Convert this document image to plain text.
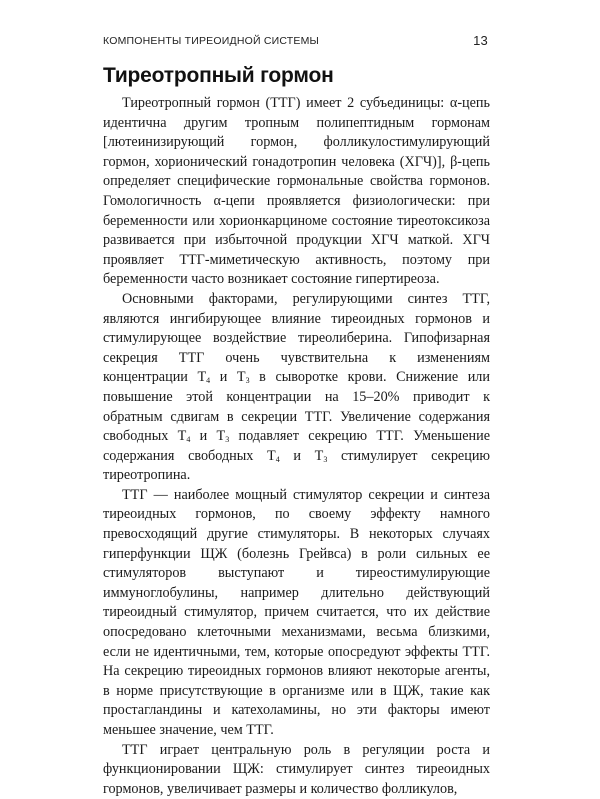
КОМПОНЕНТЫ ТИРЕОИДНОЙ СИСТЕМЫ	13
Тиреотропный гормон

Тиреотропный гормон (ТТГ) имеет 2 субъединицы: α-цепь идентична другим тропным полипептидным гормонам [лютеинизирующий гормон, фолликулостимулирующий гормон, хорионический гонадотропин человека (ХГЧ)], β-цепь определяет специфические гормональные свойства гормонов. Гомологичность α-цепи проявляется физиологически: при беременности или хорионкарциноме состояние тиреотоксикоза развивается при избыточной продукции ХГЧ маткой. ХГЧ проявляет ТТГ-миметическую активность, поэтому при беременности часто возникает состояние гипертиреоза.

Основными факторами, регулирующими синтез ТТГ, являются ингибирующее влияние тиреоидных гормонов и стимулирующее воздействие тиреолиберина. Гипофизарная секреция ТТГ очень чувствительна к изменениям концентрации $Т_4$ и $Т_3$ в сыворотке крови. Снижение или повышение этой концентрации на 15–20% приводит к обратным сдвигам в секреции ТТГ. Увеличение содержания свободных $Т_4$ и $Т_3$ подавляет секрецию ТТГ. Уменьшение содержания свободных $Т_4$ и $Т_3$ стимулирует секрецию тиреотропина.

ТТГ — наиболее мощный стимулятор секреции и синтеза тиреоидных гормонов, по своему эффекту намного превосходящий другие стимуляторы. В некоторых случаях гиперфункции ЩЖ (болезнь Грейвса) в роли сильных ее стимуляторов выступают и тиреостимулирующие иммуноглобулины, например длительно действующий тиреоидный стимулятор, причем считается, что их действие опосредовано клеточными механизмами, весьма близкими, если не идентичными, тем, которые опосредуют эффекты ТТГ. На секрецию тиреоидных гормонов влияют некоторые агенты, в норме присутствующие в организме или в ЩЖ, такие как простагландины и катехоламины, но эти факторы имеют меньшее значение, чем ТТГ.

ТТГ играет центральную роль в регуляции роста и функционировании ЩЖ: стимулирует синтез тиреоидных гормонов, увеличивает размеры и количество фолликулов,
